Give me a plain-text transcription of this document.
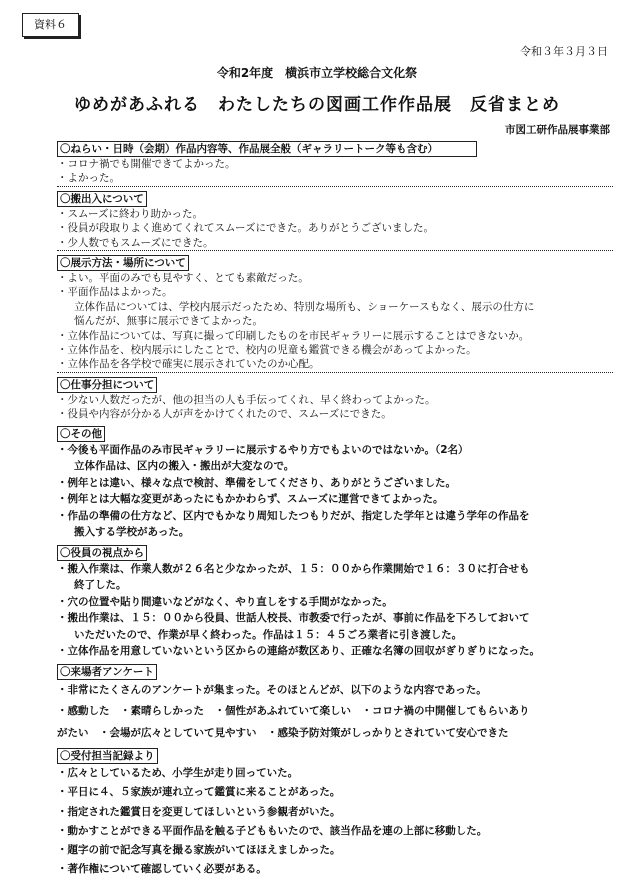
資料６
令和３年３月３日
令和2年度　横浜市立学校総合文化祭
ゆめがあふれる　わたしたちの図画工作作品展　反省まとめ
市図工研作品展事業部
〇ねらい・日時（会期）作品内容等、作品展全般（ギャラリートーク等も含む）
・コロナ禍でも開催できてよかった。
・よかった。
〇搬出入について
・スムーズに終わり助かった。
・役員が段取りよく進めてくれてスムーズにできた。ありがとうございました。
・少人数でもスムーズにできた。
〇展示方法・場所について
・よい。平面のみでも見やすく、とても素敵だった。
・平面作品はよかった。
立体作品については、学校内展示だったため、特別な場所も、ショーケースもなく、展示の仕方に
悩んだが、無事に展示できてよかった。
・立体作品については、写真に撮って印刷したものを市民ギャラリーに展示することはできないか。
・立体作品を、校内展示にしたことで、校内の児童も鑑賞できる機会があってよかった。
・立体作品を各学校で確実に展示されていたのか心配。
〇仕事分担について
・少ない人数だったが、他の担当の人も手伝ってくれ、早く終わってよかった。
・役員や内容が分かる人が声をかけてくれたので、スムーズにできた。
〇その他
・今後も平面作品のみ市民ギャラリーに展示するやり方でもよいのではないか。（2名）
立体作品は、区内の搬入・搬出が大変なので。
・例年とは違い、様々な点で検討、準備をしてくださり、ありがとうございました。
・例年とは大幅な変更があったにもかかわらず、スムーズに運営できてよかった。
・作品の準備の仕方など、区内でもかなり周知したつもりだが、指定した学年とは違う学年の作品を
搬入する学校があった。
〇役員の視点から
・搬入作業は、作業人数が２６名と少なかったが、１５：００から作業開始で１６：３０に打合せも
終了した。
・穴の位置や貼り間違いなどがなく、やり直しをする手間がなかった。
・搬出作業は、１５：００から役員、世話人校長、市教委で行ったが、事前に作品を下ろしておいて
いただいたので、作業が早く終わった。作品は１５：４５ごろ業者に引き渡した。
・立体作品を用意していないという区からの連絡が数区あり、正確な名簿の回収がぎりぎりになった。
〇来場者アンケート
・非常にたくさんのアンケートが集まった。そのほとんどが、以下のような内容であった。
・感動した　・素晴らしかった　・個性があふれていて楽しい　・コロナ禍の中開催してもらいあり
がたい　・会場が広々としていて見やすい　・感染予防対策がしっかりとされていて安心できた
〇受付担当記録より
・広々としているため、小学生が走り回っていた。
・平日に４、５家族が連れ立って鑑賞に来ることがあった。
・指定された鑑賞日を変更してほしいという参観者がいた。
・動かすことができる平面作品を触る子どももいたので、該当作品を連の上部に移動した。
・題字の前で記念写真を撮る家族がいてほほえましかった。
・著作権について確認していく必要がある。
